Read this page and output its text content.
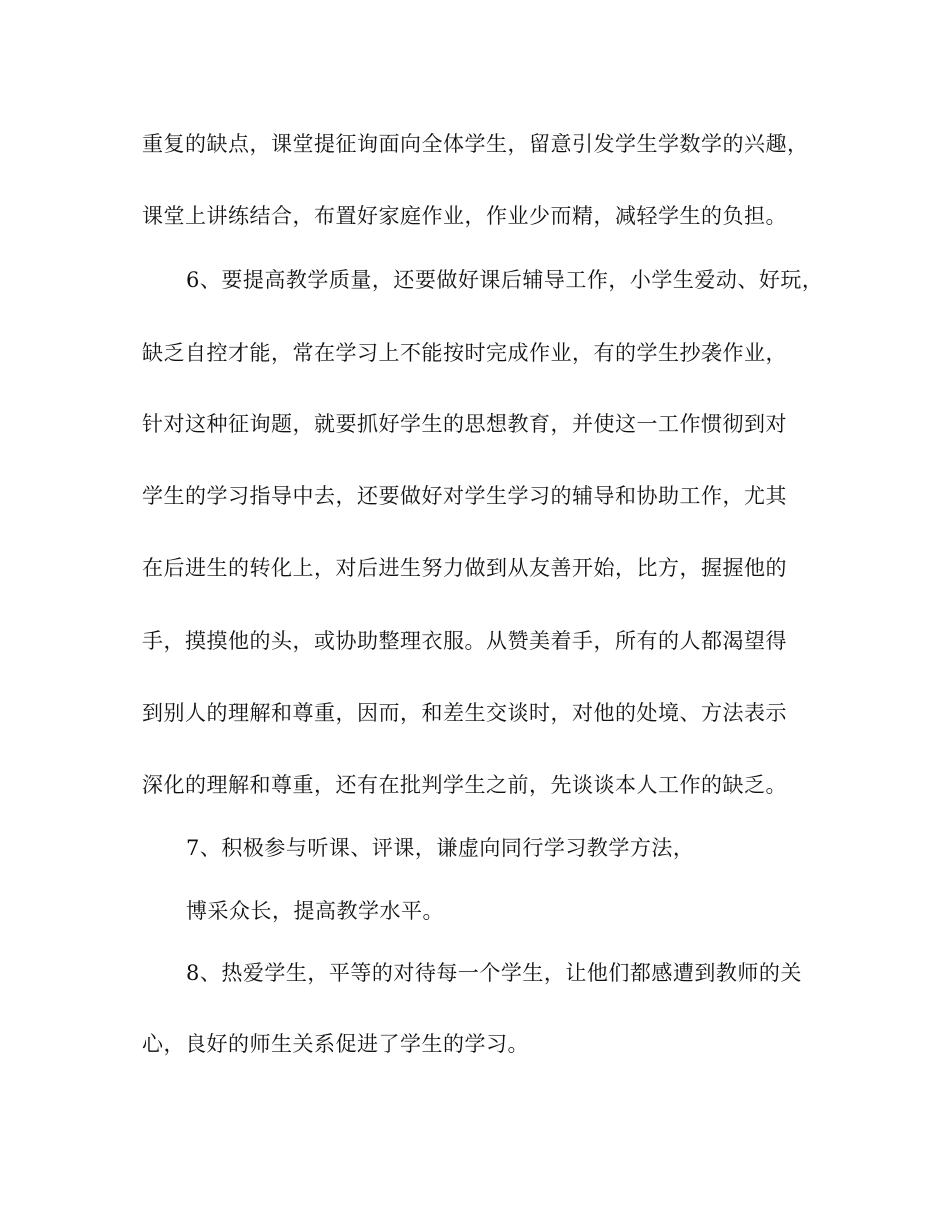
重复的缺点，课堂提征询面向全体学生，留意引发学生学数学的兴趣，
课堂上讲练结合，布置好家庭作业，作业少而精，减轻学生的负担。
6、要提高教学质量，还要做好课后辅导工作，小学生爱动、好玩，
缺乏自控才能，常在学习上不能按时完成作业，有的学生抄袭作业，
针对这种征询题，就要抓好学生的思想教育，并使这一工作惯彻到对
学生的学习指导中去，还要做好对学生学习的辅导和协助工作，尤其
在后进生的转化上，对后进生努力做到从友善开始，比方，握握他的
手，摸摸他的头，或协助整理衣服。从赞美着手，所有的人都渴望得
到别人的理解和尊重，因而，和差生交谈时，对他的处境、方法表示
深化的理解和尊重，还有在批判学生之前，先谈谈本人工作的缺乏。
7、积极参与听课、评课，谦虚向同行学习教学方法，
博采众长，提高教学水平。
8、热爱学生，平等的对待每一个学生，让他们都感遭到教师的关
心，良好的师生关系促进了学生的学习。
